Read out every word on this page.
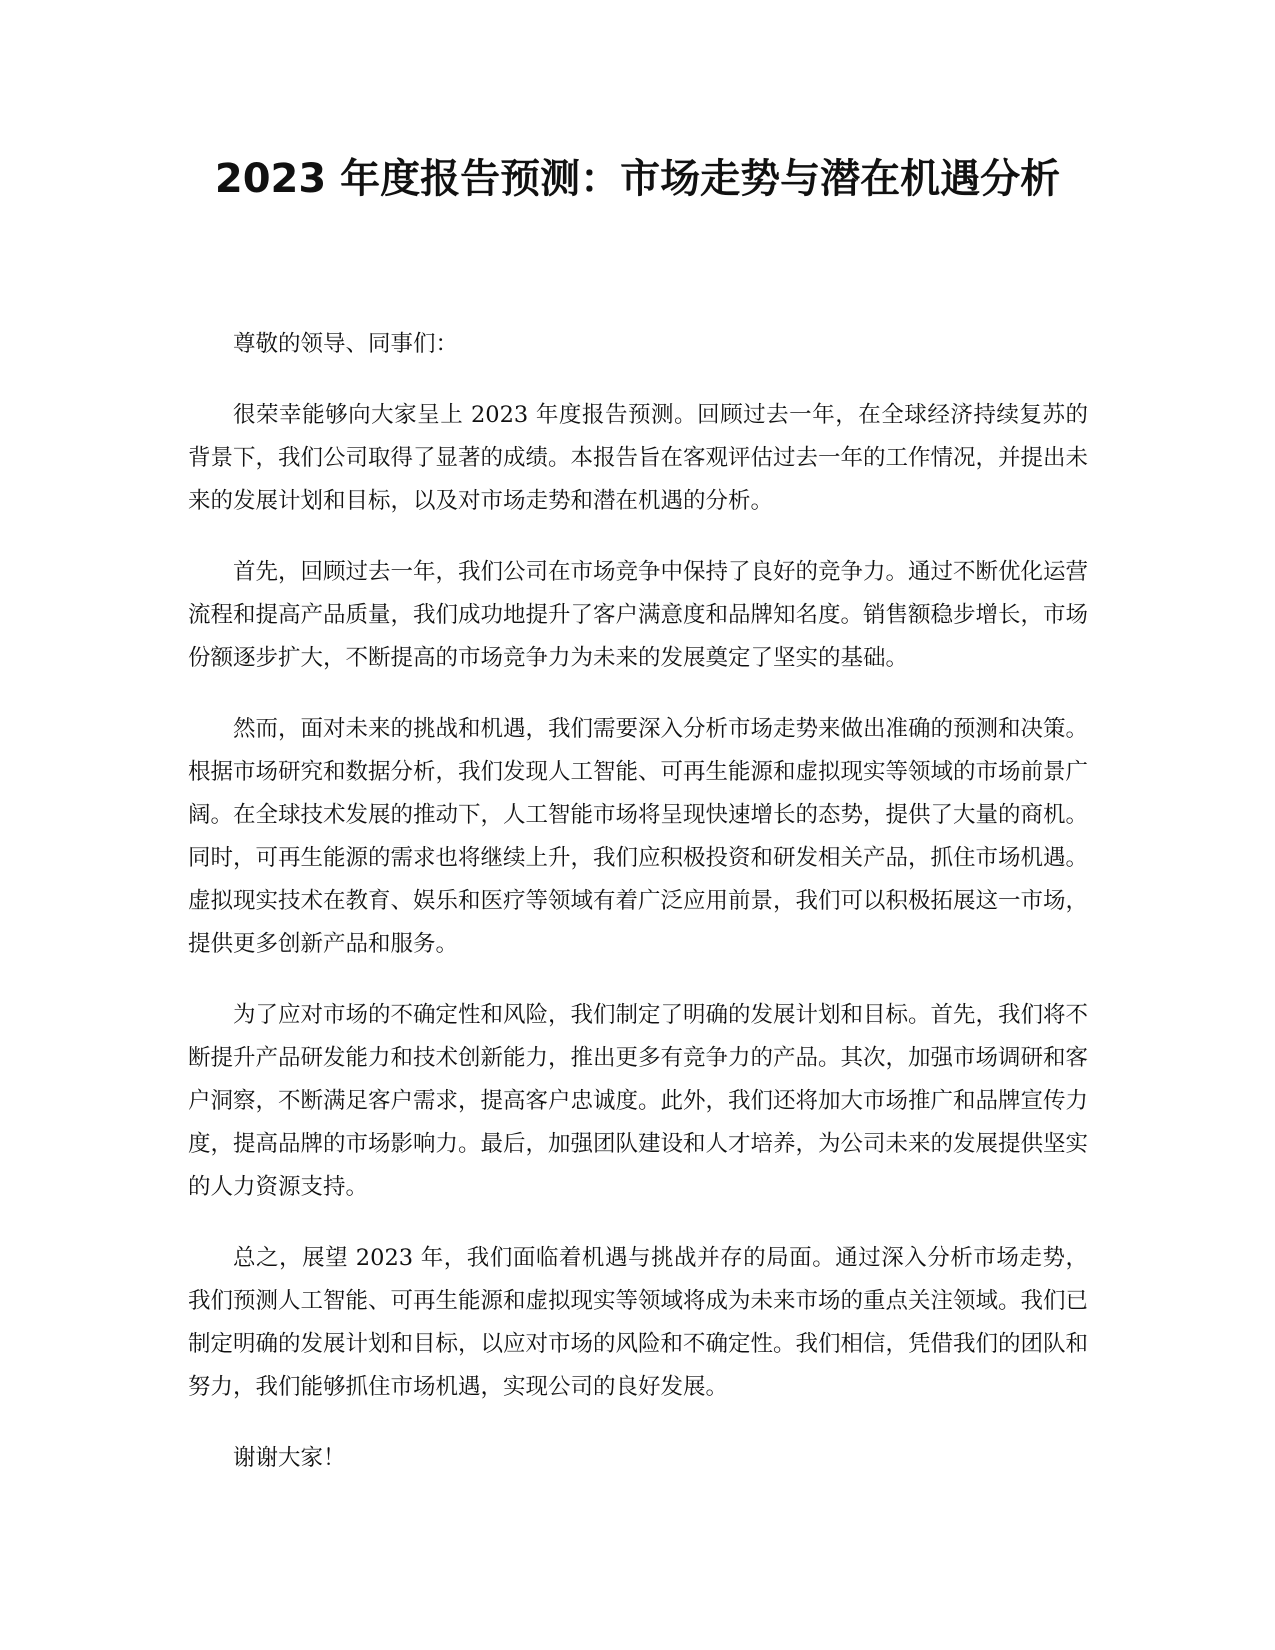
2023 年度报告预测：市场走势与潜在机遇分析

尊敬的领导、同事们：

很荣幸能够向大家呈上 2023 年度报告预测。回顾过去一年，在全球经济持续复苏的背景下，我们公司取得了显著的成绩。本报告旨在客观评估过去一年的工作情况，并提出未来的发展计划和目标，以及对市场走势和潜在机遇的分析。

首先，回顾过去一年，我们公司在市场竞争中保持了良好的竞争力。通过不断优化运营流程和提高产品质量，我们成功地提升了客户满意度和品牌知名度。销售额稳步增长，市场份额逐步扩大，不断提高的市场竞争力为未来的发展奠定了坚实的基础。

然而，面对未来的挑战和机遇，我们需要深入分析市场走势来做出准确的预测和决策。根据市场研究和数据分析，我们发现人工智能、可再生能源和虚拟现实等领域的市场前景广阔。在全球技术发展的推动下，人工智能市场将呈现快速增长的态势，提供了大量的商机。同时，可再生能源的需求也将继续上升，我们应积极投资和研发相关产品，抓住市场机遇。虚拟现实技术在教育、娱乐和医疗等领域有着广泛应用前景，我们可以积极拓展这一市场，提供更多创新产品和服务。

为了应对市场的不确定性和风险，我们制定了明确的发展计划和目标。首先，我们将不断提升产品研发能力和技术创新能力，推出更多有竞争力的产品。其次，加强市场调研和客户洞察，不断满足客户需求，提高客户忠诚度。此外，我们还将加大市场推广和品牌宣传力度，提高品牌的市场影响力。最后，加强团队建设和人才培养，为公司未来的发展提供坚实的人力资源支持。

总之，展望 2023 年，我们面临着机遇与挑战并存的局面。通过深入分析市场走势，我们预测人工智能、可再生能源和虚拟现实等领域将成为未来市场的重点关注领域。我们已制定明确的发展计划和目标，以应对市场的风险和不确定性。我们相信，凭借我们的团队和努力，我们能够抓住市场机遇，实现公司的良好发展。

谢谢大家！
